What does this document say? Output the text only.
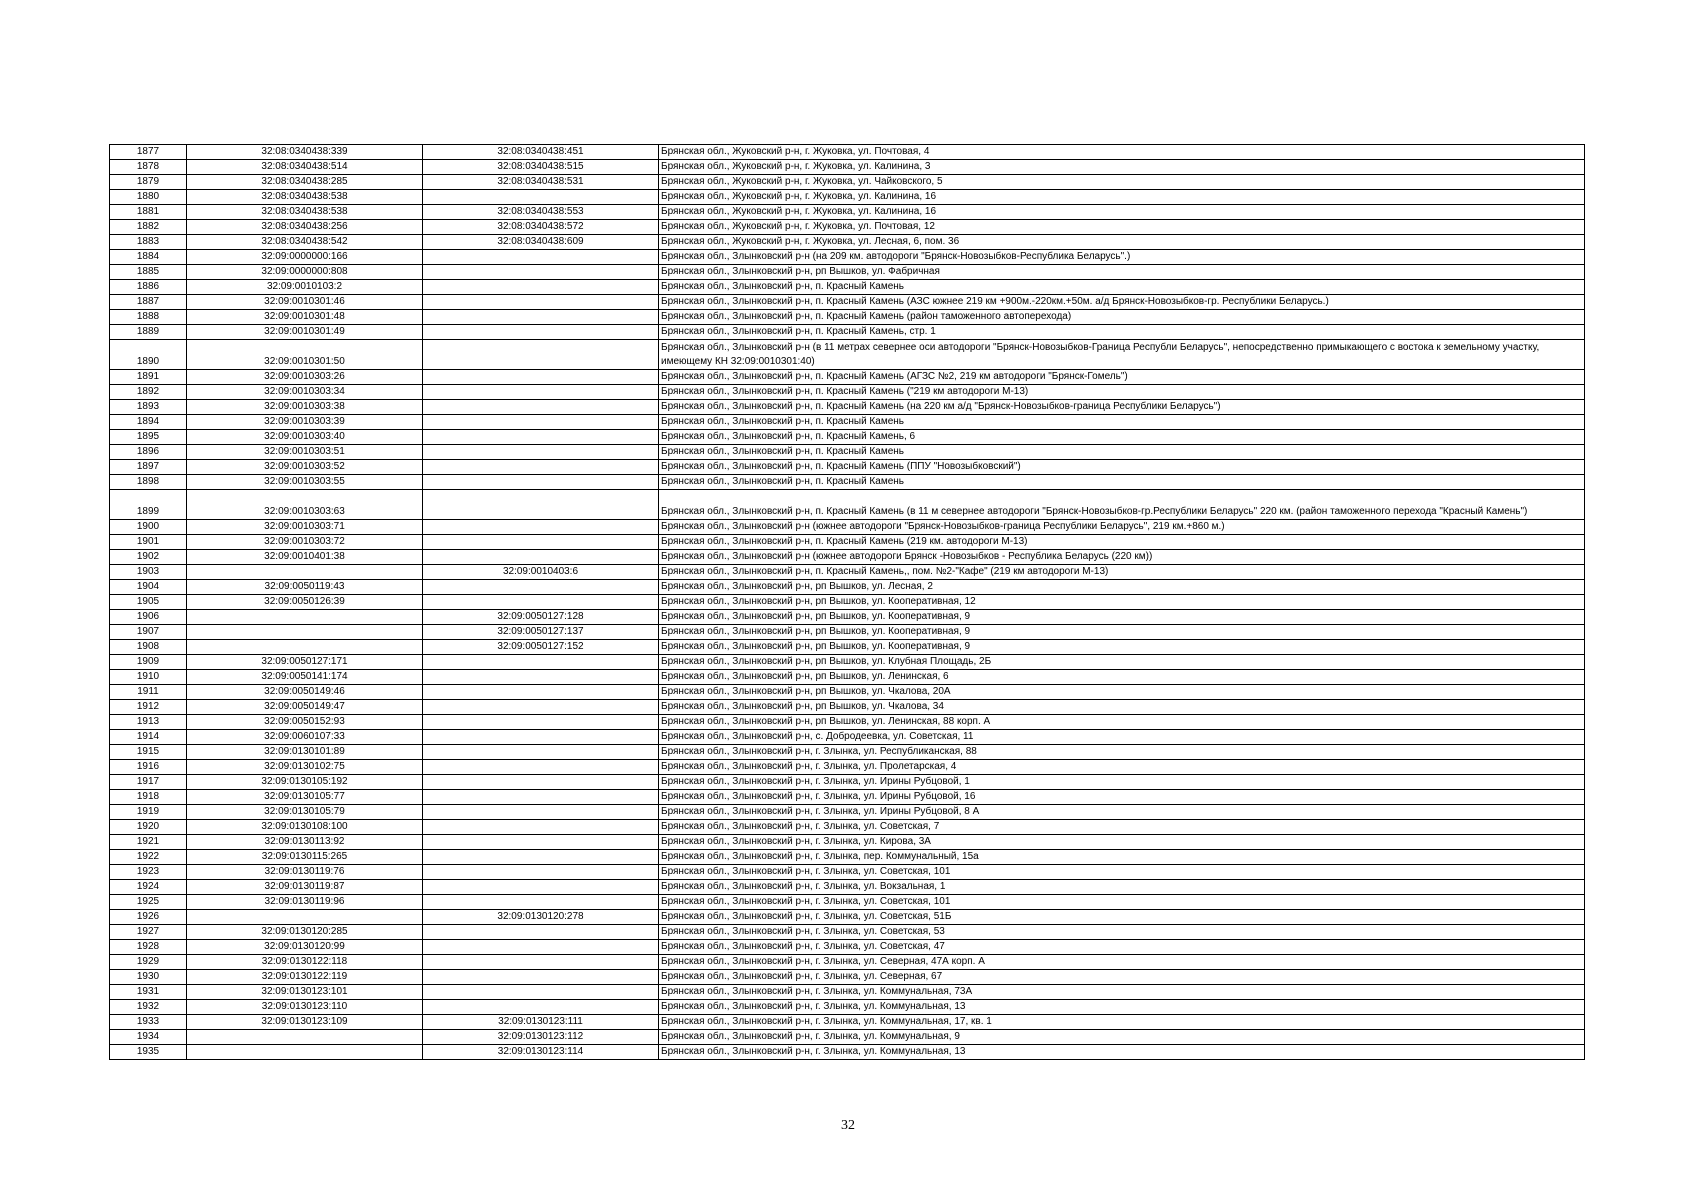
1877	32:08:0340438:339	32:08:0340438:451	Брянская обл., Жуковский р-н, г. Жуковка, ул. Почтовая, 4
1878	32:08:0340438:514	32:08:0340438:515	Брянская обл., Жуковский р-н, г. Жуковка, ул. Калинина, 3
1879	32:08:0340438:285	32:08:0340438:531	Брянская обл., Жуковский р-н, г. Жуковка, ул. Чайковского, 5
1880	32:08:0340438:538		Брянская обл., Жуковский р-н, г. Жуковка, ул. Калинина, 16
1881	32:08:0340438:538	32:08:0340438:553	Брянская обл., Жуковский р-н, г. Жуковка, ул. Калинина, 16
1882	32:08:0340438:256	32:08:0340438:572	Брянская обл., Жуковский р-н, г. Жуковка, ул. Почтовая, 12
1883	32:08:0340438:542	32:08:0340438:609	Брянская обл., Жуковский р-н, г. Жуковка, ул. Лесная, 6, пом. 36
1884	32:09:0000000:166		Брянская обл., Злынковский р-н (на 209 км. автодороги "Брянск-Новозыбков-Республика Беларусь".)
1885	32:09:0000000:808		Брянская обл., Злынковский р-н, рп Вышков, ул. Фабричная
1886	32:09:0010103:2		Брянская обл., Злынковский р-н, п. Красный Камень
1887	32:09:0010301:46		Брянская обл., Злынковский р-н, п. Красный Камень (АЗС южнее 219 км +900м.-220км.+50м. а/д Брянск-Новозыбков-гр. Республики Беларусь.)
1888	32:09:0010301:48		Брянская обл., Злынковский р-н, п. Красный Камень (район таможенного автоперехода)
1889	32:09:0010301:49		Брянская обл., Злынковский р-н, п. Красный Камень, стр. 1
1890	32:09:0010301:50		Брянская обл., Злынковский р-н (в 11 метрах севернее оси автодороги "Брянск-Новозыбков-Граница Республи Беларусь", непосредственно примыкающего с востока к земельному участку, имеющему КН 32:09:0010301:40)
1891	32:09:0010303:26		Брянская обл., Злынковский р-н, п. Красный Камень (АГЗС №2, 219 км автодороги "Брянск-Гомель")
1892	32:09:0010303:34		Брянская обл., Злынковский р-н, п. Красный Камень ("219 км автодороги М-13)
1893	32:09:0010303:38		Брянская обл., Злынковский р-н, п. Красный Камень (на 220 км а/д "Брянск-Новозыбков-граница Республики Беларусь")
1894	32:09:0010303:39		Брянская обл., Злынковский р-н, п. Красный Камень
1895	32:09:0010303:40		Брянская обл., Злынковский р-н, п. Красный Камень, 6
1896	32:09:0010303:51		Брянская обл., Злынковский р-н, п. Красный Камень
1897	32:09:0010303:52		Брянская обл., Злынковский р-н, п. Красный Камень (ППУ "Новозыбковский")
1898	32:09:0010303:55		Брянская обл., Злынковский р-н, п. Красный Камень
1899	32:09:0010303:63		Брянская обл., Злынковский р-н, п. Красный Камень (в 11 м севернее автодороги "Брянск-Новозыбков-гр.Республики Беларусь" 220 км. (район таможенного перехода "Красный Камень")
1900	32:09:0010303:71		Брянская обл., Злынковский р-н (южнее автодороги "Брянск-Новозыбков-граница Республики Беларусь", 219 км.+860 м.)
1901	32:09:0010303:72		Брянская обл., Злынковский р-н, п. Красный Камень (219 км. автодороги М-13)
1902	32:09:0010401:38		Брянская обл., Злынковский р-н (южнее автодороги Брянск -Новозыбков - Республика Беларусь (220 км))
1903		32:09:0010403:6	Брянская обл., Злынковский р-н, п. Красный Камень,, пом. №2-"Кафе" (219 км автодороги М-13)
1904	32:09:0050119:43		Брянская обл., Злынковский р-н, рп Вышков, ул. Лесная, 2
1905	32:09:0050126:39		Брянская обл., Злынковский р-н, рп Вышков, ул. Кооперативная, 12
1906		32:09:0050127:128	Брянская обл., Злынковский р-н, рп Вышков, ул. Кооперативная, 9
1907		32:09:0050127:137	Брянская обл., Злынковский р-н, рп Вышков, ул. Кооперативная, 9
1908		32:09:0050127:152	Брянская обл., Злынковский р-н, рп Вышков, ул. Кооперативная, 9
1909	32:09:0050127:171		Брянская обл., Злынковский р-н, рп Вышков, ул. Клубная Площадь, 2Б
1910	32:09:0050141:174		Брянская обл., Злынковский р-н, рп Вышков, ул. Ленинская, 6
1911	32:09:0050149:46		Брянская обл., Злынковский р-н, рп Вышков, ул. Чкалова, 20А
1912	32:09:0050149:47		Брянская обл., Злынковский р-н, рп Вышков, ул. Чкалова, 34
1913	32:09:0050152:93		Брянская обл., Злынковский р-н, рп Вышков, ул. Ленинская, 88 корп. А
1914	32:09:0060107:33		Брянская обл., Злынковский р-н, с. Добродеевка, ул. Советская, 11
1915	32:09:0130101:89		Брянская обл., Злынковский р-н, г. Злынка, ул. Республиканская, 88
1916	32:09:0130102:75		Брянская обл., Злынковский р-н, г. Злынка, ул. Пролетарская, 4
1917	32:09:0130105:192		Брянская обл., Злынковский р-н, г. Злынка, ул. Ирины Рубцовой, 1
1918	32:09:0130105:77		Брянская обл., Злынковский р-н, г. Злынка, ул. Ирины Рубцовой, 16
1919	32:09:0130105:79		Брянская обл., Злынковский р-н, г. Злынка, ул. Ирины Рубцовой, 8 А
1920	32:09:0130108:100		Брянская обл., Злынковский р-н, г. Злынка, ул. Советская, 7
1921	32:09:0130113:92		Брянская обл., Злынковский р-н, г. Злынка, ул. Кирова, 3А
1922	32:09:0130115:265		Брянская обл., Злынковский р-н, г. Злынка, пер. Коммунальный, 15а
1923	32:09:0130119:76		Брянская обл., Злынковский р-н, г. Злынка, ул. Советская, 101
1924	32:09:0130119:87		Брянская обл., Злынковский р-н, г. Злынка, ул. Вокзальная, 1
1925	32:09:0130119:96		Брянская обл., Злынковский р-н, г. Злынка, ул. Советская, 101
1926		32:09:0130120:278	Брянская обл., Злынковский р-н, г. Злынка, ул. Советская, 51Б
1927	32:09:0130120:285		Брянская обл., Злынковский р-н, г. Злынка, ул. Советская, 53
1928	32:09:0130120:99		Брянская обл., Злынковский р-н, г. Злынка, ул. Советская, 47
1929	32:09:0130122:118		Брянская обл., Злынковский р-н, г. Злынка, ул. Северная, 47А корп. А
1930	32:09:0130122:119		Брянская обл., Злынковский р-н, г. Злынка, ул. Северная, 67
1931	32:09:0130123:101		Брянская обл., Злынковский р-н, г. Злынка, ул. Коммунальная, 73А
1932	32:09:0130123:110		Брянская обл., Злынковский р-н, г. Злынка, ул. Коммунальная, 13
1933	32:09:0130123:109	32:09:0130123:111	Брянская обл., Злынковский р-н, г. Злынка, ул. Коммунальная, 17, кв. 1
1934		32:09:0130123:112	Брянская обл., Злынковский р-н, г. Злынка, ул. Коммунальная, 9
1935		32:09:0130123:114	Брянская обл., Злынковский р-н, г. Злынка, ул. Коммунальная, 13
32
